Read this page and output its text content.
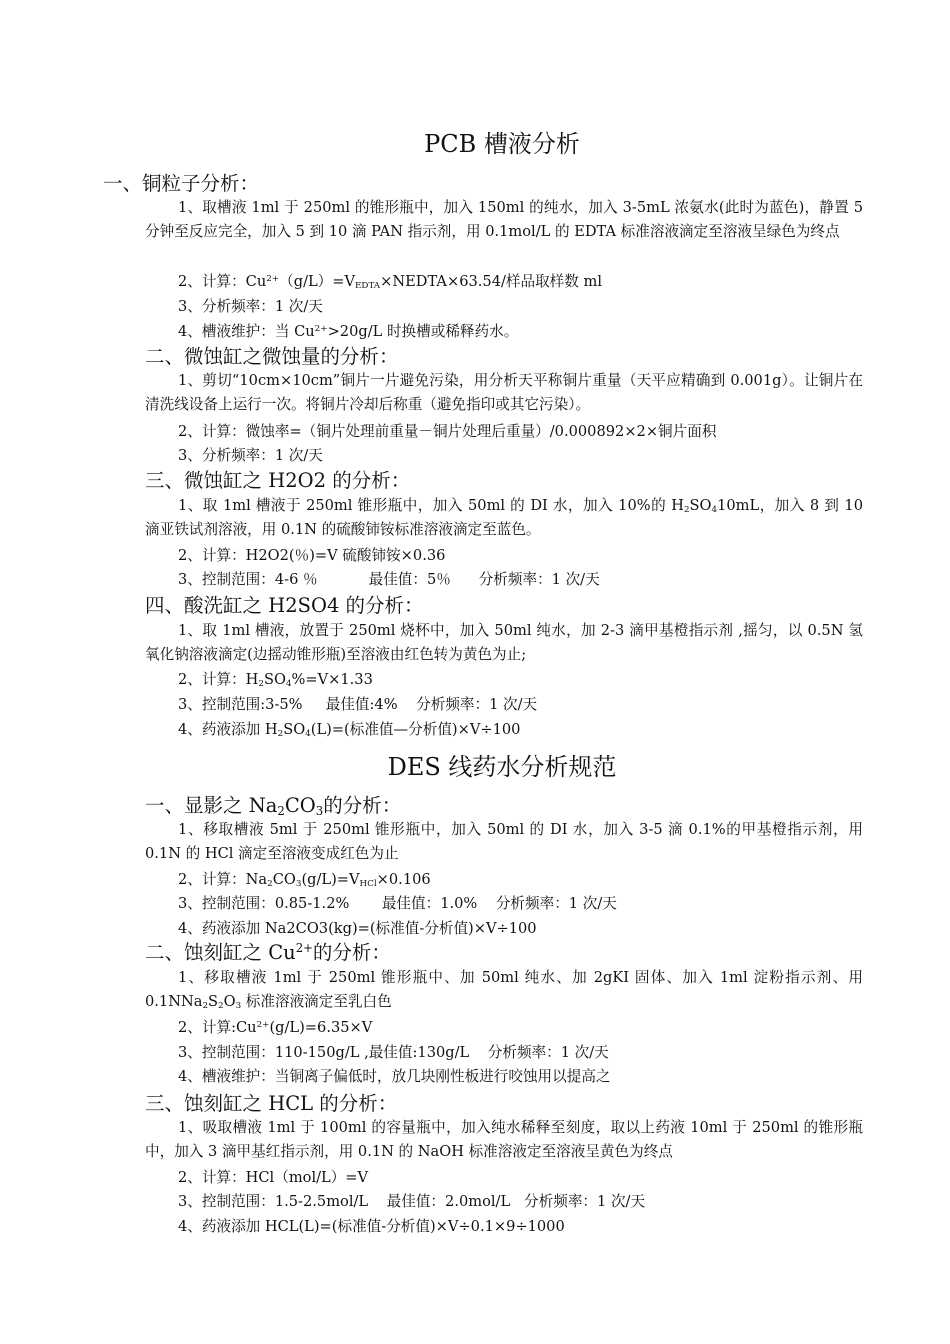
PCB 槽液分析
一、铜粒子分析：
1、取槽液 1ml 于 250ml 的锥形瓶中，加入 150ml 的纯水，加入 3-5mL 浓氨水(此时为蓝色)，静置 5 分钟至反应完全，加入 5 到 10 滴 PAN 指示剂，用 0.1mol/L 的 EDTA 标准溶液滴定至溶液呈绿色为终点
2、计算：$Cu^{2+}(g/L)=V_{EDTA}\times NEDTA\times 63.54/$样品取样数 ml
3、分析频率：1 次/天
4、槽液维护：当 $Cu^{2+}>20g/L$ 时换槽或稀释药水。
二、微蚀缸之微蚀量的分析：
1、剪切“10cm×10cm”铜片一片避免污染，用分析天平称铜片重量（天平应精确到 0.001g）。让铜片在清洗线设备上运行一次。将铜片冷却后称重（避免指印或其它污染）。
2、计算：微蚀率=（铜片处理前重量－铜片处理后重量）/0.000892×2×铜片面积
3、分析频率：1 次/天
三、微蚀缸之 H2O2 的分析：
1、取 1ml 槽液于 250ml 锥形瓶中，加入 50ml 的 DI 水，加入 10%的 $H_2SO_410mL$，加入 8 到 10 滴亚铁试剂溶液，用 0.1N 的硫酸铈铵标准溶液滴定至蓝色。
2、计算：H2O2(％)=V 硫酸铈铵×0.36
3、控制范围：4-6 ％           最佳值：5％      分析频率：1 次/天
四、酸洗缸之 H2SO4 的分析：
1、取 1ml 槽液，放置于 250ml 烧杯中，加入 50ml 纯水，加 2-3 滴甲基橙指示剂 ,摇匀，以 0.5N 氢氧化钠溶液滴定(边摇动锥形瓶)至溶液由红色转为黄色为止;
2、计算：$H_2SO_4\%=V\times 1.33$
3、控制范围:3-5%     最佳值:4%    分析频率：1 次/天
4、药液添加 $H_2SO_4(L)=$(标准值—分析值)×V÷100
DES 线药水分析规范
一、显影之 $Na_2CO_3$的分析：
1、移取槽液 5ml 于 250ml 锥形瓶中，加入 50ml 的 DI 水，加入 3-5 滴 0.1%的甲基橙指示剂，用 0.1N 的 HCl 滴定至溶液变成红色为止
2、计算：$Na_2CO_3(g/L)=V_{HCl}\times 0.106$
3、控制范围：0.85-1.2%       最佳值：1.0%    分析频率：1 次/天
4、药液添加 Na2CO3(kg)=(标准值-分析值)×V÷100
二、蚀刻缸之 $Cu^{2+}$的分析：
1、移取槽液 1ml 于 250ml 锥形瓶中、加 50ml 纯水、加 2gKI 固体、加入 1ml 淀粉指示剂、用 $0.1NNa_2S_2O_3$ 标准溶液滴定至乳白色
2、计算$:Cu^{2+}(g/L)=6.35\times V$
3、控制范围：110-150g/L ,最佳值:130g/L    分析频率：1 次/天
4、槽液维护：当铜离子偏低时，放几块刚性板进行咬蚀用以提高之
三、蚀刻缸之 HCL 的分析：
1、吸取槽液 1ml 于 100ml 的容量瓶中，加入纯水稀释至刻度，取以上药液 10ml 于 250ml 的锥形瓶中，加入 3 滴甲基红指示剂，用 0.1N 的 NaOH 标准溶液定至溶液呈黄色为终点
2、计算：HCl（mol/L）=V
3、控制范围：1.5-2.5mol/L    最佳值：2.0mol/L   分析频率：1 次/天
4、药液添加 HCL(L)=(标准值-分析值)×V÷0.1×9÷1000
